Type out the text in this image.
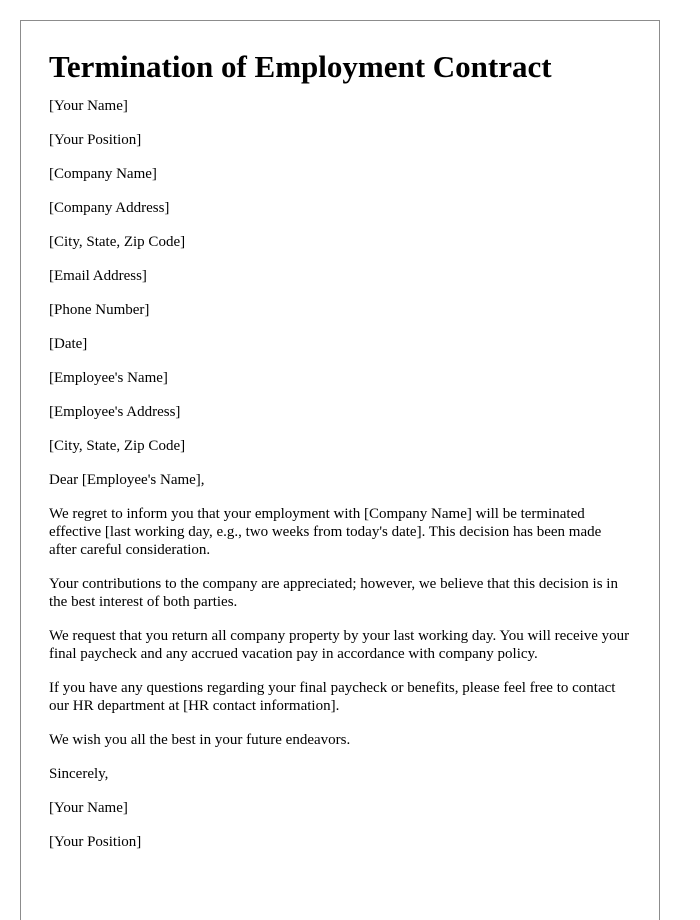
Termination of Employment Contract

[Your Name]

[Your Position]

[Company Name]

[Company Address]

[City, State, Zip Code]

[Email Address]

[Phone Number]

[Date]

[Employee's Name]

[Employee's Address]

[City, State, Zip Code]

Dear [Employee's Name],

We regret to inform you that your employment with [Company Name] will be terminated effective [last working day, e.g., two weeks from today's date]. This decision has been made after careful consideration.

Your contributions to the company are appreciated; however, we believe that this decision is in the best interest of both parties.

We request that you return all company property by your last working day. You will receive your final paycheck and any accrued vacation pay in accordance with company policy.

If you have any questions regarding your final paycheck or benefits, please feel free to contact our HR department at [HR contact information].

We wish you all the best in your future endeavors.

Sincerely,

[Your Name]

[Your Position]
